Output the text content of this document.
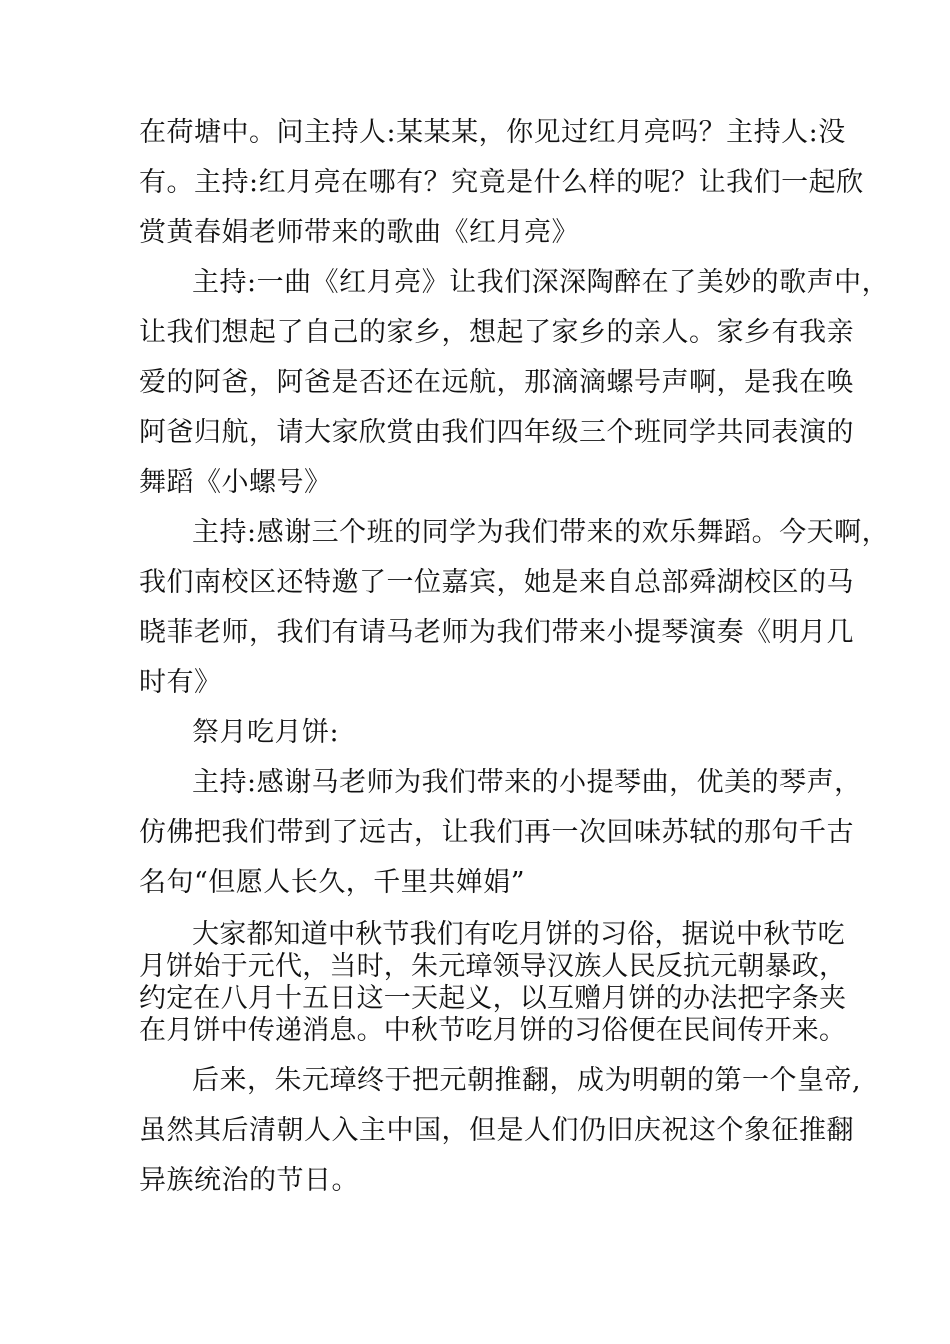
在荷塘中。问主持人:某某某，你见过红月亮吗？主持人:没
有。主持:红月亮在哪有？究竟是什么样的呢？让我们一起欣
赏黄春娟老师带来的歌曲《红月亮》
主持:一曲《红月亮》让我们深深陶醉在了美妙的歌声中，
让我们想起了自己的家乡，想起了家乡的亲人。家乡有我亲
爱的阿爸，阿爸是否还在远航，那滴滴螺号声啊，是我在唤
阿爸归航，请大家欣赏由我们四年级三个班同学共同表演的
舞蹈《小螺号》
主持:感谢三个班的同学为我们带来的欢乐舞蹈。今天啊，
我们南校区还特邀了一位嘉宾，她是来自总部舜湖校区的马
晓菲老师，我们有请马老师为我们带来小提琴演奏《明月几
时有》
祭月吃月饼:
主持:感谢马老师为我们带来的小提琴曲，优美的琴声，
仿佛把我们带到了远古，让我们再一次回味苏轼的那句千古
名句“但愿人长久，千里共婵娟”
大家都知道中秋节我们有吃月饼的习俗，据说中秋节吃
月饼始于元代，当时，朱元璋领导汉族人民反抗元朝暴政，
约定在八月十五日这一天起义，以互赠月饼的办法把字条夹
在月饼中传递消息。中秋节吃月饼的习俗便在民间传开来。
后来，朱元璋终于把元朝推翻，成为明朝的第一个皇帝,
虽然其后清朝人入主中国，但是人们仍旧庆祝这个象征推翻
异族统治的节日。
